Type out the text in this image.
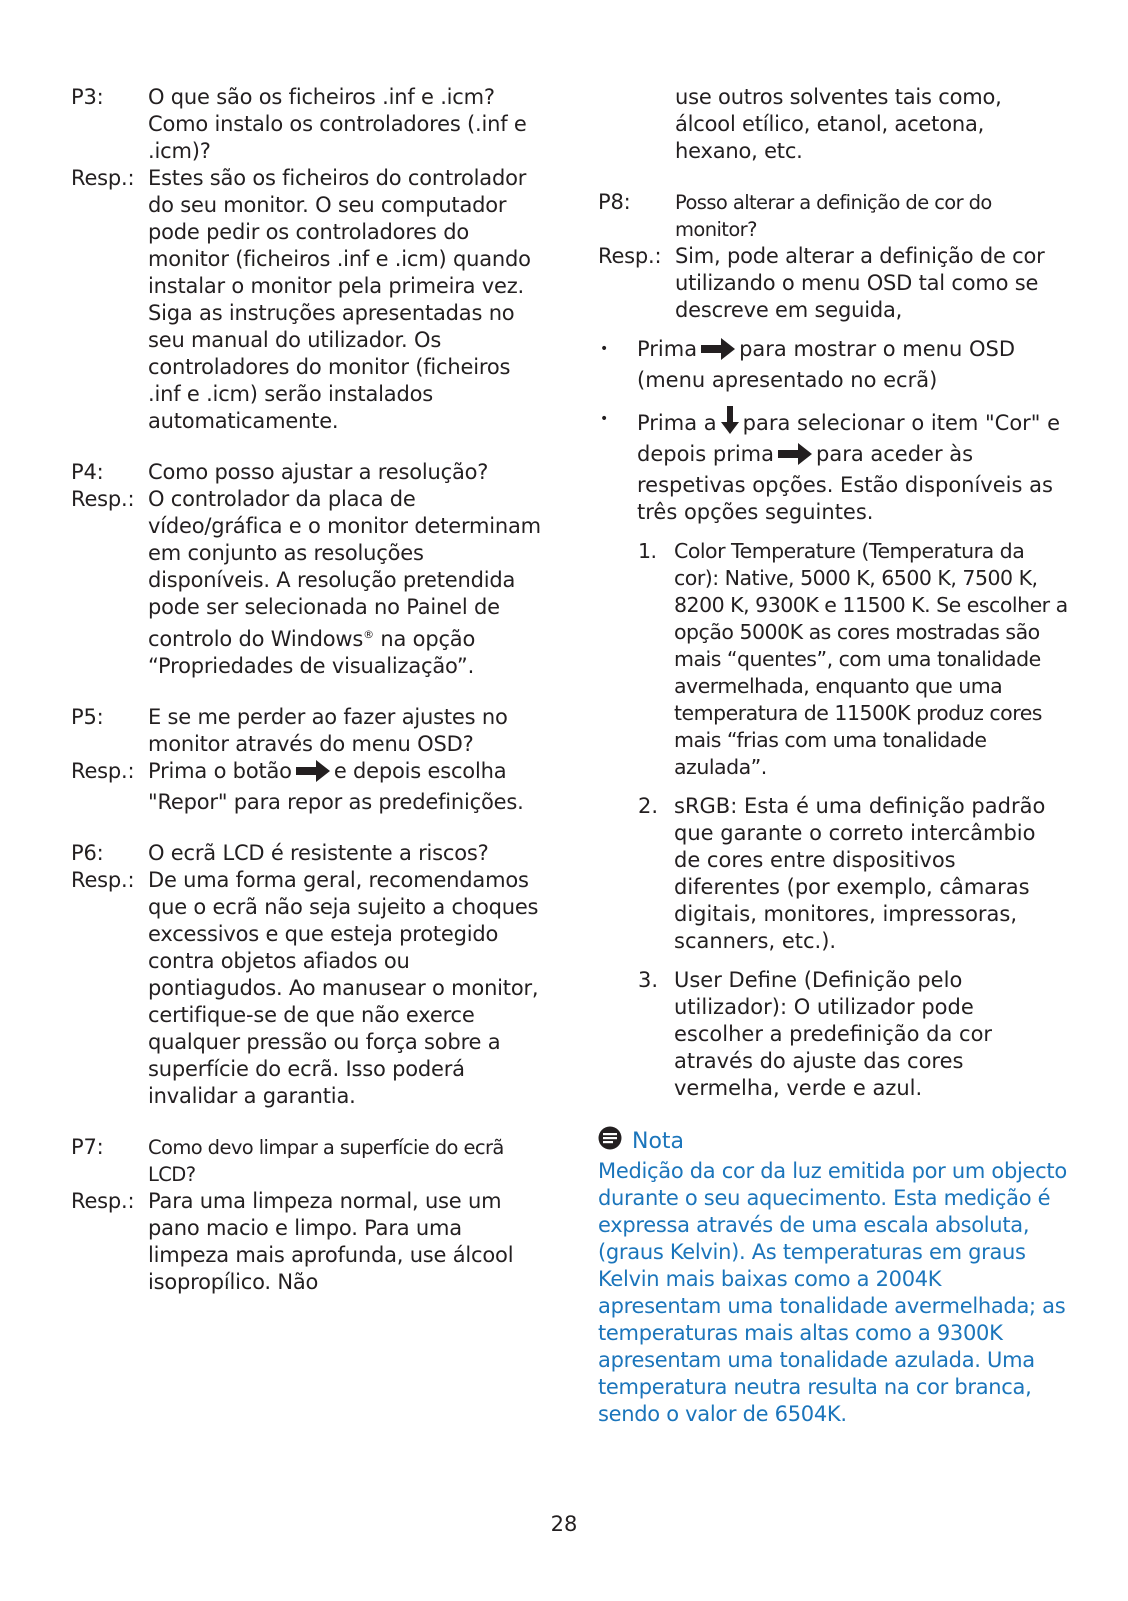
P3:	O que são os ficheiros .inf e .icm? Como instalo os controladores (.inf e .icm)?
Resp.: Estes são os ficheiros do controlador do seu monitor. O seu computador pode pedir os controladores do monitor (ficheiros .inf e .icm) quando instalar o monitor pela primeira vez. Siga as instruções apresentadas no seu manual do utilizador. Os controladores do monitor (ficheiros .inf e .icm) serão instalados automaticamente.
P4:	Como posso ajustar a resolução?
Resp.: O controlador da placa de vídeo/gráfica e o monitor determinam em conjunto as resoluções disponíveis. A resolução pretendida pode ser selecionada no Painel de controlo do Windows® na opção “Propriedades de visualização”.
P5:	E se me perder ao fazer ajustes no monitor através do menu OSD?
Resp.: Prima o botão e depois escolha "Repor" para repor as predefinições.
P6:	O ecrã LCD é resistente a riscos?
Resp.: De uma forma geral, recomendamos que o ecrã não seja sujeito a choques excessivos e que esteja protegido contra objetos afiados ou pontiagudos. Ao manusear o monitor, certifique-se de que não exerce qualquer pressão ou força sobre a superfície do ecrã. Isso poderá invalidar a garantia.
P7:	Como devo limpar a superfície do ecrã LCD?
Resp.: Para uma limpeza normal, use um pano macio e limpo. Para uma limpeza mais aprofunda, use álcool isopropílico. Não
use outros solventes tais como, álcool etílico, etanol, acetona, hexano, etc.
P8:	Posso alterar a definição de cor do monitor?
Resp.: Sim, pode alterar a definição de cor utilizando o menu OSD tal como se descreve em seguida,
•	Prima para mostrar o menu OSD (menu apresentado no ecrã)
•	Prima a para selecionar o item "Cor" e depois prima para aceder às respetivas opções. Estão disponíveis as três opções seguintes.
1. Color Temperature (Temperatura da cor): Native, 5000 K, 6500 K, 7500 K, 8200 K, 9300K e 11500 K. Se escolher a opção 5000K as cores mostradas são mais “quentes”, com uma tonalidade avermelhada, enquanto que uma temperatura de 11500K produz cores mais “frias com uma tonalidade azulada”.
2. sRGB: Esta é uma definição padrão que garante o correto intercâmbio de cores entre dispositivos diferentes (por exemplo, câmaras digitais, monitores, impressoras, scanners, etc.).
3. User Define (Definição pelo utilizador): O utilizador pode escolher a predefinição da cor através do ajuste das cores vermelha, verde e azul.
Nota
Medição da cor da luz emitida por um objecto durante o seu aquecimento. Esta medição é expressa através de uma escala absoluta, (graus Kelvin). As temperaturas em graus Kelvin mais baixas como a 2004K apresentam uma tonalidade avermelhada; as temperaturas mais altas como a 9300K apresentam uma tonalidade azulada. Uma temperatura neutra resulta na cor branca, sendo o valor de 6504K.
28
